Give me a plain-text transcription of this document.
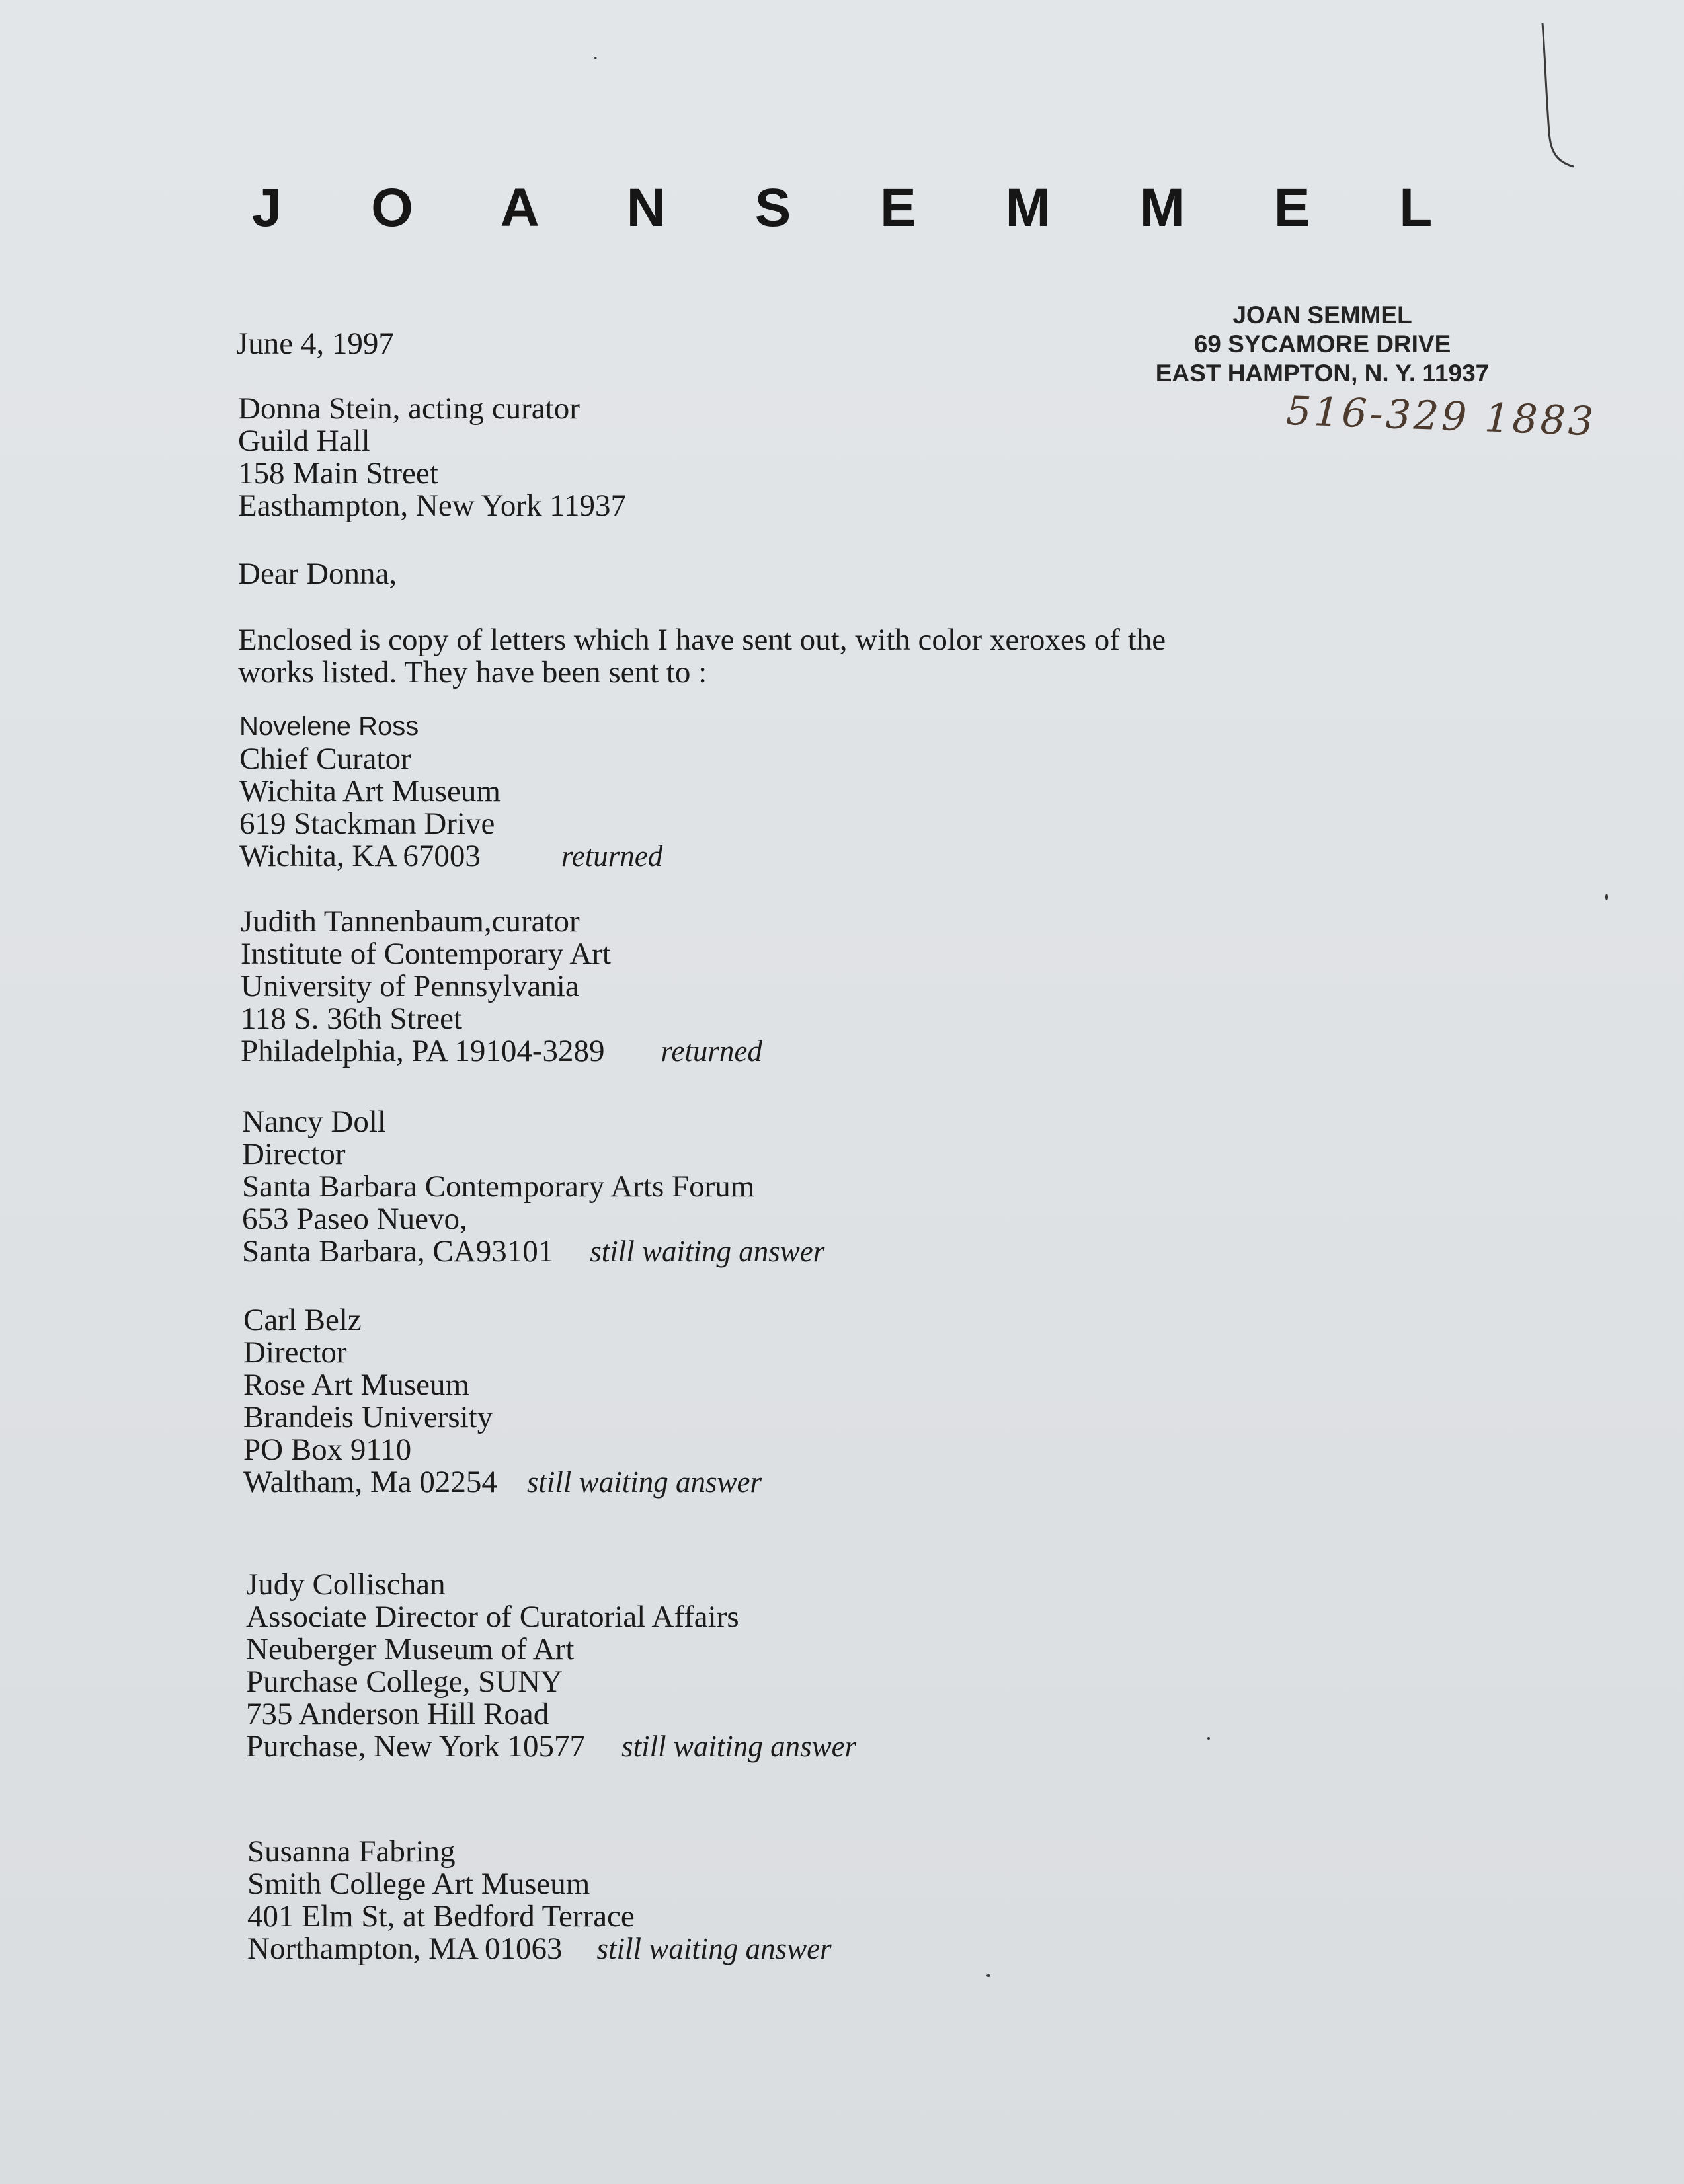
J O A N S E M M E L
JOAN SEMMEL
69 SYCAMORE DRIVE
EAST HAMPTON, N. Y. 11937
516-329 1883
June 4, 1997
Donna Stein, acting curator
Guild Hall
158 Main Street
Easthampton, New York 11937
Dear Donna,
Enclosed is copy of letters which I have sent out, with color xeroxes of the
works listed. They have been sent to :
Novelene Ross
Chief Curator
Wichita Art Museum
619 Stackman Drive
Wichita, KA 67003	returned
Judith Tannenbaum,curator
Institute of Contemporary Art
University of Pennsylvania
118 S. 36th Street
Philadelphia, PA 19104-3289 returned
Nancy Doll
Director
Santa Barbara Contemporary Arts Forum
653 Paseo Nuevo,
Santa Barbara, CA93101 still waiting answer
Carl Belz
Director
Rose Art Museum
Brandeis University
PO Box 9110
Waltham, Ma 02254 still waiting answer
Judy Collischan
Associate Director of Curatorial Affairs
Neuberger Museum of Art
Purchase College, SUNY
735 Anderson Hill Road
Purchase, New York 10577 still waiting answer
Susanna Fabring
Smith College Art Museum
401 Elm St, at Bedford Terrace
Northampton, MA 01063 still waiting answer
